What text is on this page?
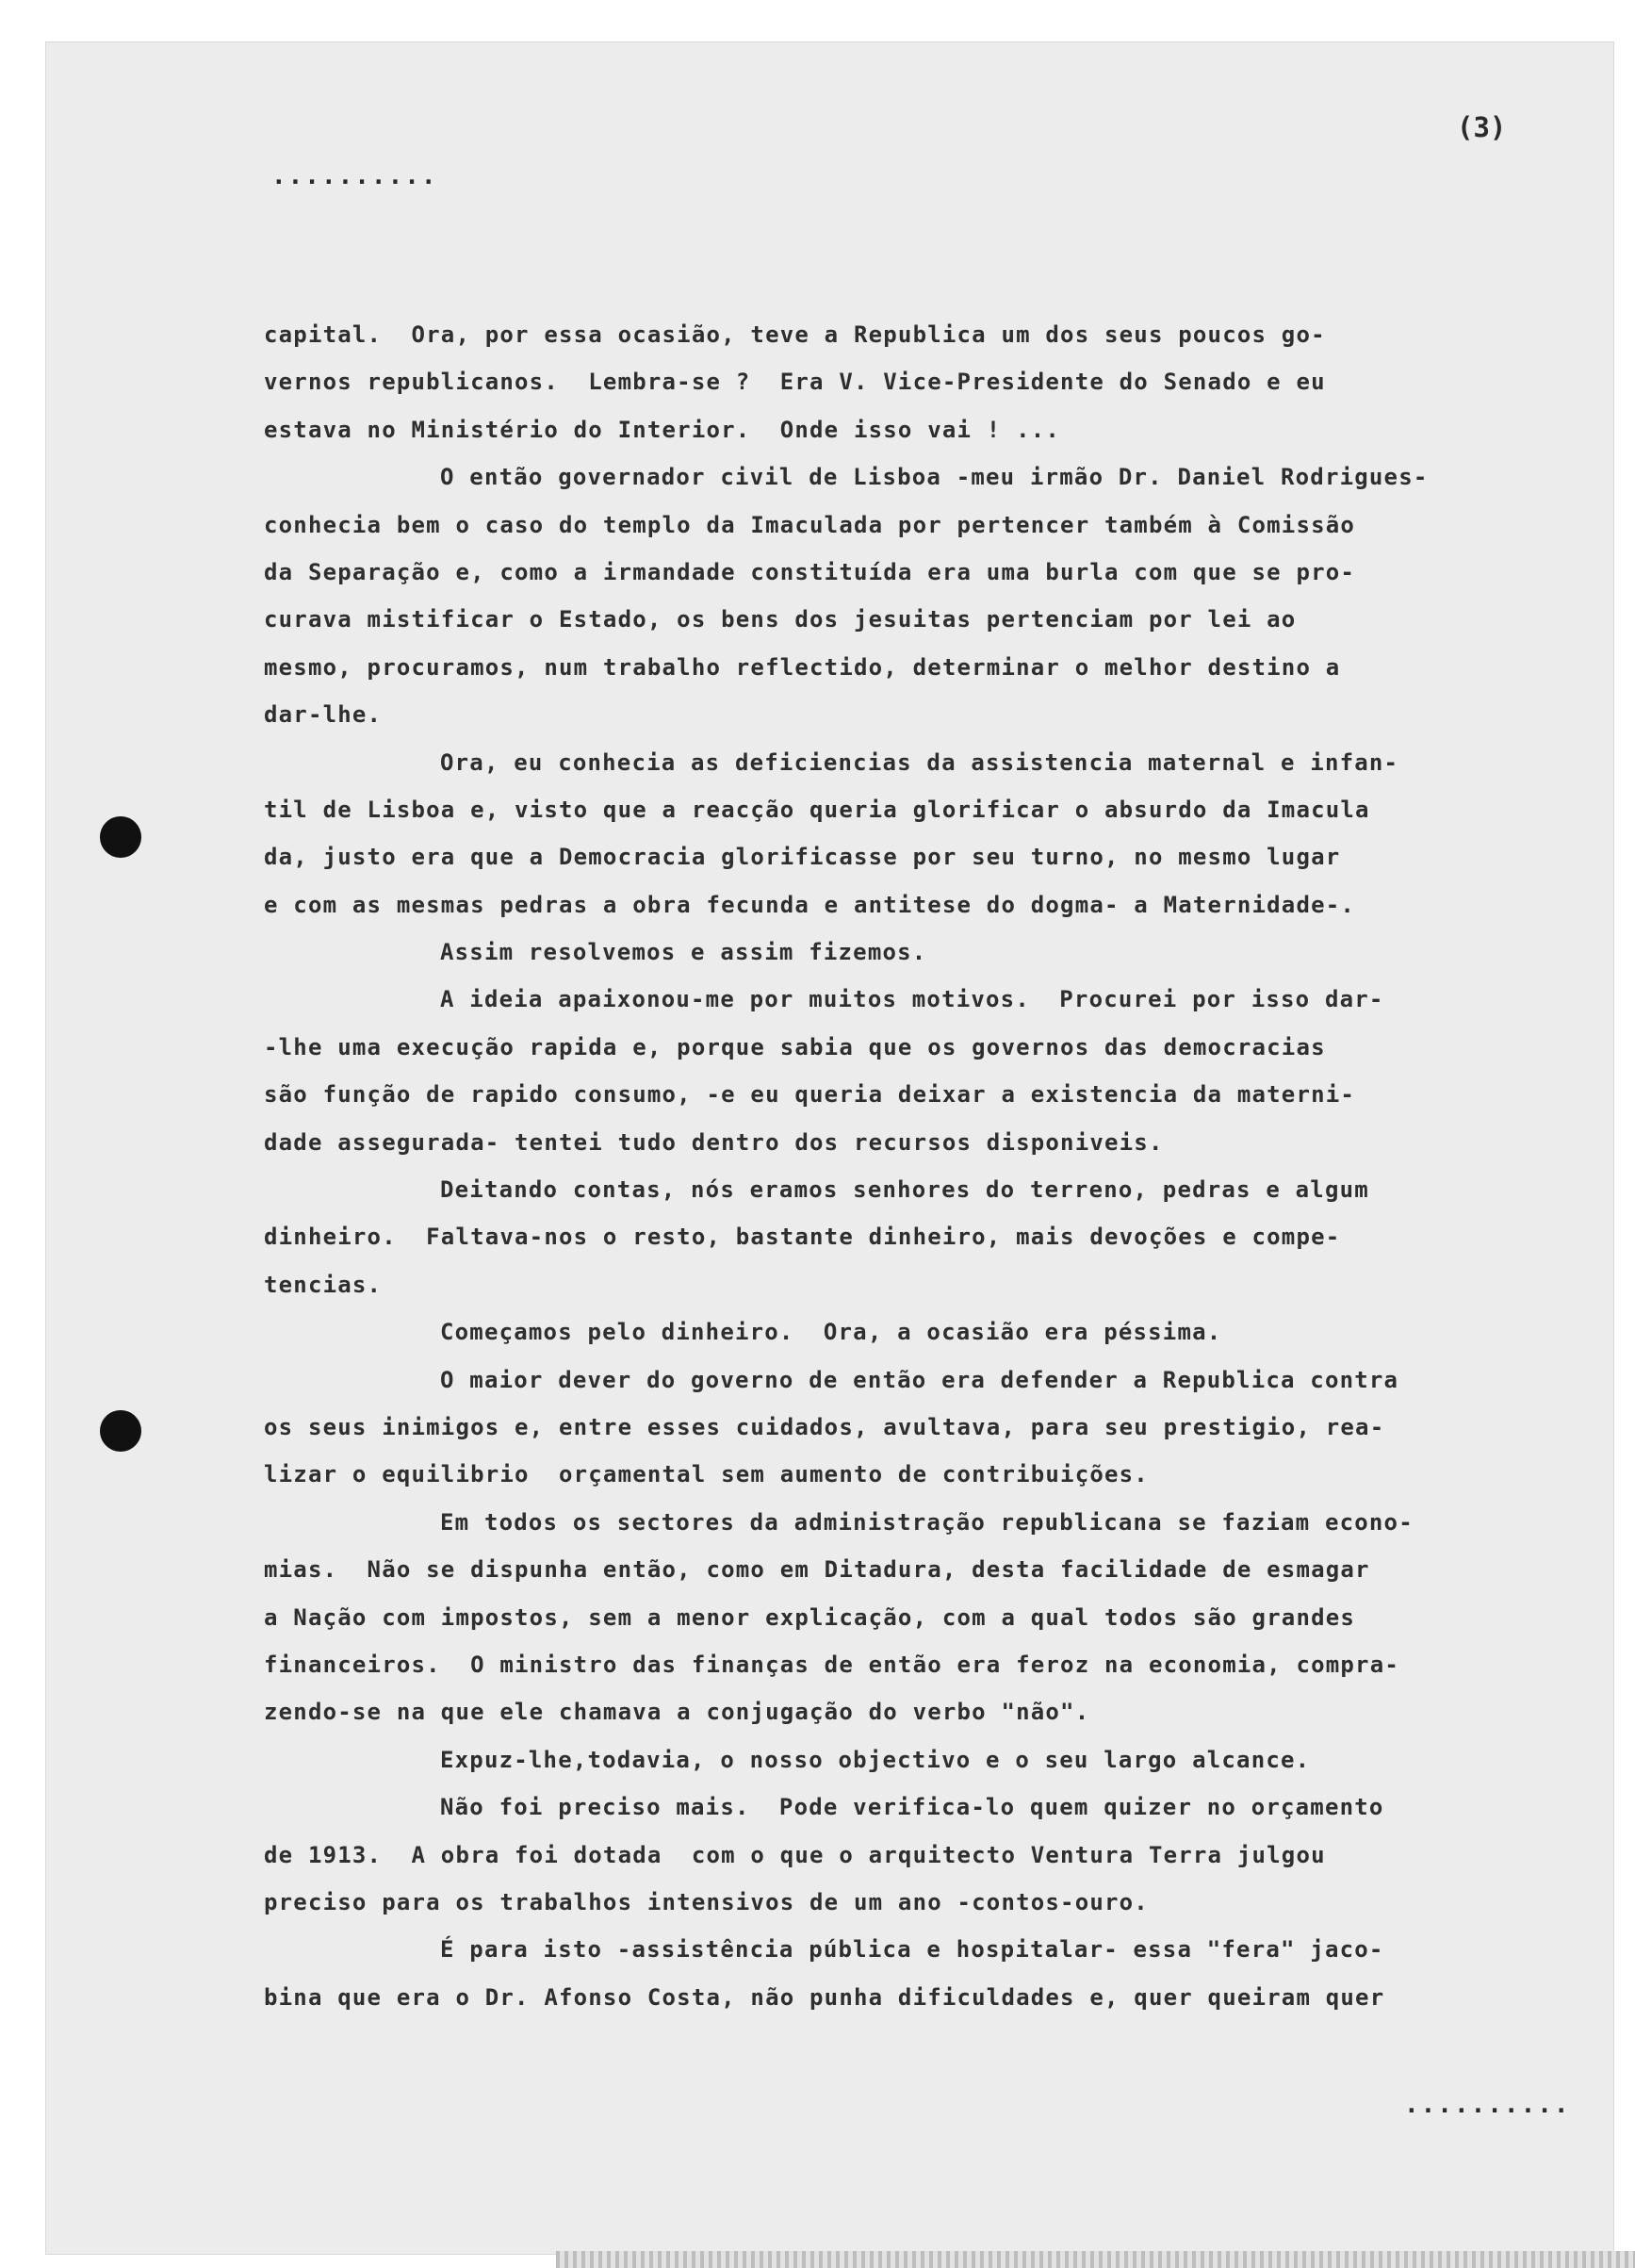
(3)
..........
capital.  Ora, por essa ocasião, teve a Republica um dos seus poucos go-
vernos republicanos.  Lembra-se ?  Era V. Vice-Presidente do Senado e eu
estava no Ministério do Interior.  Onde isso vai ! ...
O então governador civil de Lisboa -meu irmão Dr. Daniel Rodrigues-
conhecia bem o caso do templo da Imaculada por pertencer também à Comissão
da Separação e, como a irmandade constituída era uma burla com que se pro-
curava mistificar o Estado, os bens dos jesuitas pertenciam por lei ao
mesmo, procuramos, num trabalho reflectido, determinar o melhor destino a
dar-lhe.
Ora, eu conhecia as deficiencias da assistencia maternal e infan-
til de Lisboa e, visto que a reacção queria glorificar o absurdo da Imacula
da, justo era que a Democracia glorificasse por seu turno, no mesmo lugar
e com as mesmas pedras a obra fecunda e antitese do dogma- a Maternidade-.
Assim resolvemos e assim fizemos.
A ideia apaixonou-me por muitos motivos.  Procurei por isso dar-
-lhe uma execução rapida e, porque sabia que os governos das democracias
são função de rapido consumo, -e eu queria deixar a existencia da materni-
dade assegurada- tentei tudo dentro dos recursos disponiveis.
Deitando contas, nós eramos senhores do terreno, pedras e algum
dinheiro.  Faltava-nos o resto, bastante dinheiro, mais devoções e compe-
tencias.
Começamos pelo dinheiro.  Ora, a ocasião era péssima.
O maior dever do governo de então era defender a Republica contra
os seus inimigos e, entre esses cuidados, avultava, para seu prestigio, rea-
lizar o equilibrio  orçamental sem aumento de contribuições.
Em todos os sectores da administração republicana se faziam econo-
mias.  Não se dispunha então, como em Ditadura, desta facilidade de esmagar
a Nação com impostos, sem a menor explicação, com a qual todos são grandes
financeiros.  O ministro das finanças de então era feroz na economia, compra-
zendo-se na que ele chamava a conjugação do verbo "não".
Expuz-lhe,todavia, o nosso objectivo e o seu largo alcance.
Não foi preciso mais.  Pode verifica-lo quem quizer no orçamento
de 1913.  A obra foi dotada  com o que o arquitecto Ventura Terra julgou
preciso para os trabalhos intensivos de um ano -contos-ouro.
É para isto -assistência pública e hospitalar- essa "fera" jaco-
bina que era o Dr. Afonso Costa, não punha dificuldades e, quer queiram quer
..........
